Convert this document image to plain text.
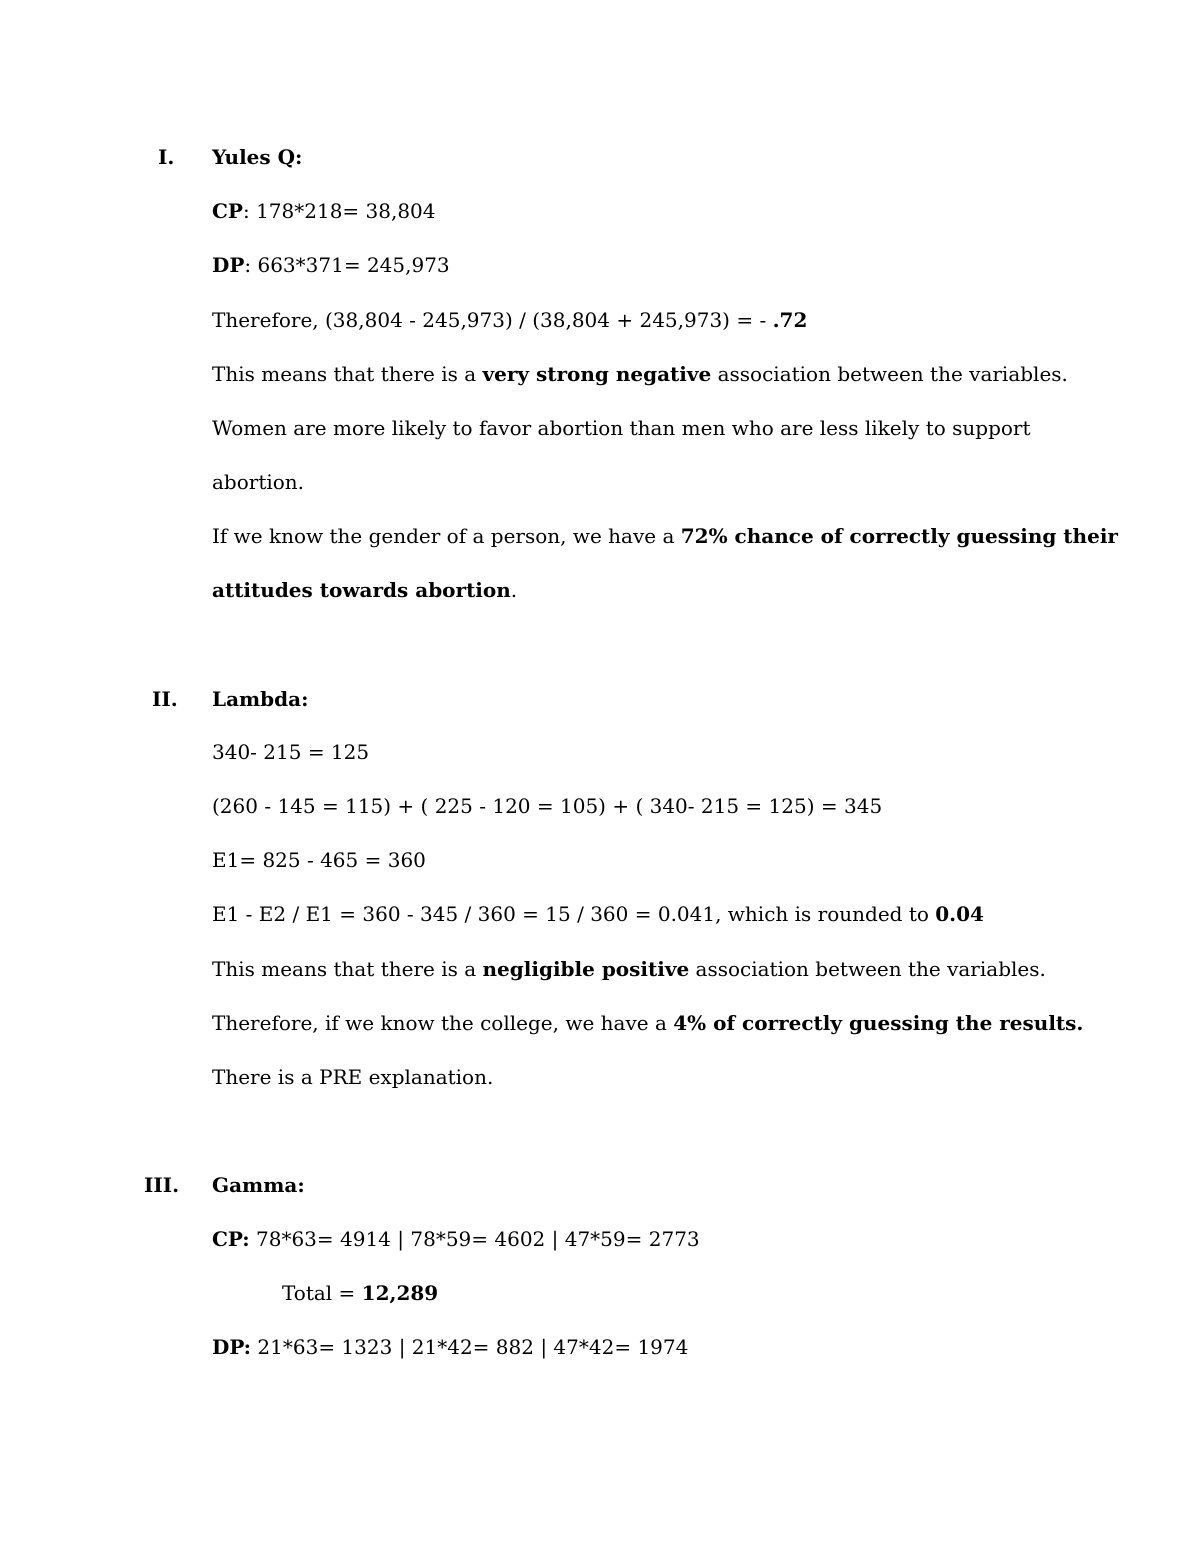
I. Yules Q:
CP: 178*218= 38,804
DP: 663*371= 245,973
Therefore, (38,804 - 245,973) / (38,804 + 245,973) = - .72
This means that there is a very strong negative association between the variables.
Women are more likely to favor abortion than men who are less likely to support
abortion.
If we know the gender of a person, we have a 72% chance of correctly guessing their
attitudes towards abortion.
II. Lambda:
340- 215 = 125
(260 - 145 = 115) + ( 225 - 120 = 105) + ( 340- 215 = 125) = 345
E1= 825 - 465 = 360
E1 - E2 / E1 = 360 - 345 / 360 = 15 / 360 = 0.041, which is rounded to 0.04
This means that there is a negligible positive association between the variables.
Therefore, if we know the college, we have a 4% of correctly guessing the results.
There is a PRE explanation.
III. Gamma:
CP: 78*63= 4914 | 78*59= 4602 | 47*59= 2773
Total = 12,289
DP: 21*63= 1323 | 21*42= 882 | 47*42= 1974
